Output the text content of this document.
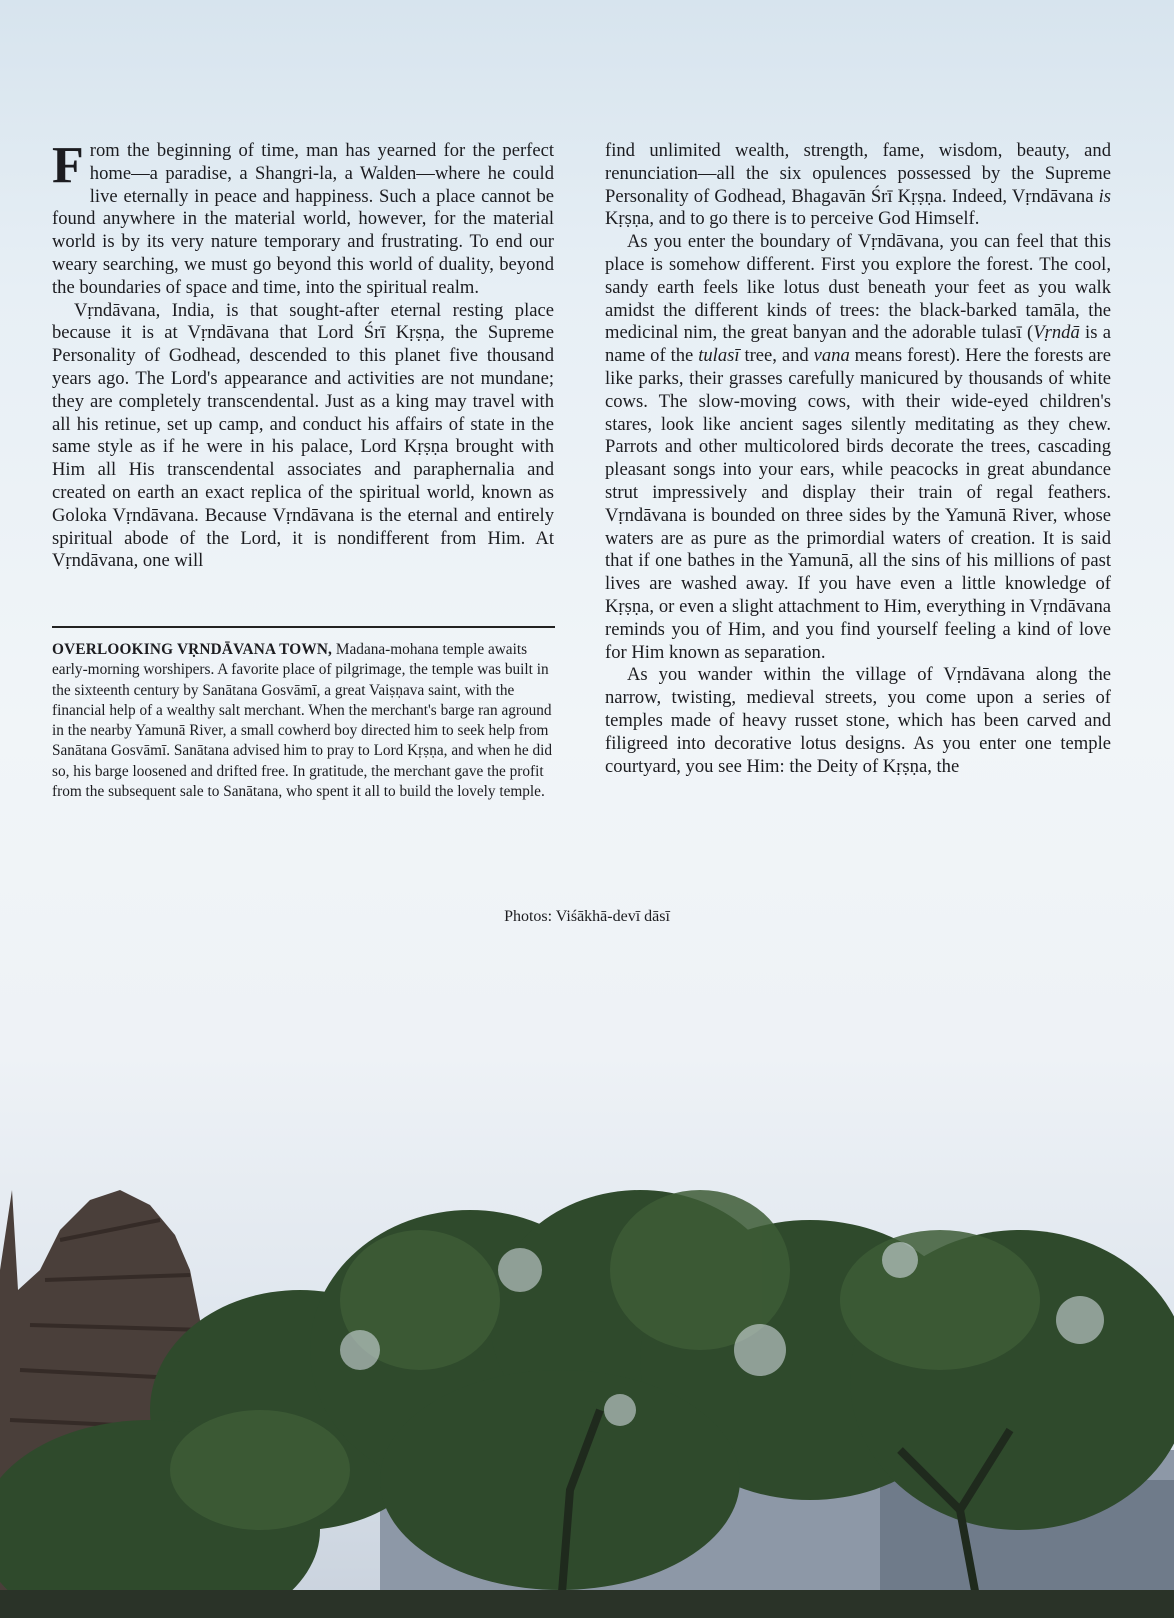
From the beginning of time, man has yearned for the perfect home—a paradise, a Shangri-la, a Walden—where he could live eternally in peace and happiness. Such a place cannot be found anywhere in the material world, however, for the material world is by its very nature temporary and frustrating. To end our weary searching, we must go beyond this world of duality, beyond the boundaries of space and time, into the spiritual realm.

Vṛndāvana, India, is that sought-after eternal resting place because it is at Vṛndāvana that Lord Śrī Kṛṣṇa, the Supreme Personality of Godhead, descended to this planet five thousand years ago. The Lord's appearance and activities are not mundane; they are completely transcendental. Just as a king may travel with all his retinue, set up camp, and conduct his affairs of state in the same style as if he were in his palace, Lord Kṛṣṇa brought with Him all His transcendental associates and paraphernalia and created on earth an exact replica of the spiritual world, known as Goloka Vṛndāvana. Because Vṛndāvana is the eternal and entirely spiritual abode of the Lord, it is nondifferent from Him. At Vṛndāvana, one will

OVERLOOKING VṚNDĀVANA TOWN, Madana-mohana temple awaits early-morning worshipers. A favorite place of pilgrimage, the temple was built in the sixteenth century by Sanātana Gosvāmī, a great Vaiṣṇava saint, with the financial help of a wealthy salt merchant. When the merchant's barge ran aground in the nearby Yamunā River, a small cowherd boy directed him to seek help from Sanātana Gosvāmī. Sanātana advised him to pray to Lord Kṛṣṇa, and when he did so, his barge loosened and drifted free. In gratitude, the merchant gave the profit from the subsequent sale to Sanātana, who spent it all to build the lovely temple.

find unlimited wealth, strength, fame, wisdom, beauty, and renunciation—all the six opulences possessed by the Supreme Personality of Godhead, Bhagavān Śrī Kṛṣṇa. Indeed, Vṛndāvana is Kṛṣṇa, and to go there is to perceive God Himself.

As you enter the boundary of Vṛndāvana, you can feel that this place is somehow different. First you explore the forest. The cool, sandy earth feels like lotus dust beneath your feet as you walk amidst the different kinds of trees: the black-barked tamāla, the medicinal nim, the great banyan and the adorable tulasī (Vṛndā is a name of the tulasī tree, and vana means forest). Here the forests are like parks, their grasses carefully manicured by thousands of white cows. The slow-moving cows, with their wide-eyed children's stares, look like ancient sages silently meditating as they chew. Parrots and other multicolored birds decorate the trees, cascading pleasant songs into your ears, while peacocks in great abundance strut impressively and display their train of regal feathers. Vṛndāvana is bounded on three sides by the Yamunā River, whose waters are as pure as the primordial waters of creation. It is said that if one bathes in the Yamunā, all the sins of his millions of past lives are washed away. If you have even a little knowledge of Kṛṣṇa, or even a slight attachment to Him, everything in Vṛndāvana reminds you of Him, and you find yourself feeling a kind of love for Him known as separation.

As you wander within the village of Vṛndāvana along the narrow, twisting, medieval streets, you come upon a series of temples made of heavy russet stone, which has been carved and filigreed into decorative lotus designs. As you enter one temple courtyard, you see Him: the Deity of Kṛṣṇa, the

Photos: Viśākhā-devī dāsī
